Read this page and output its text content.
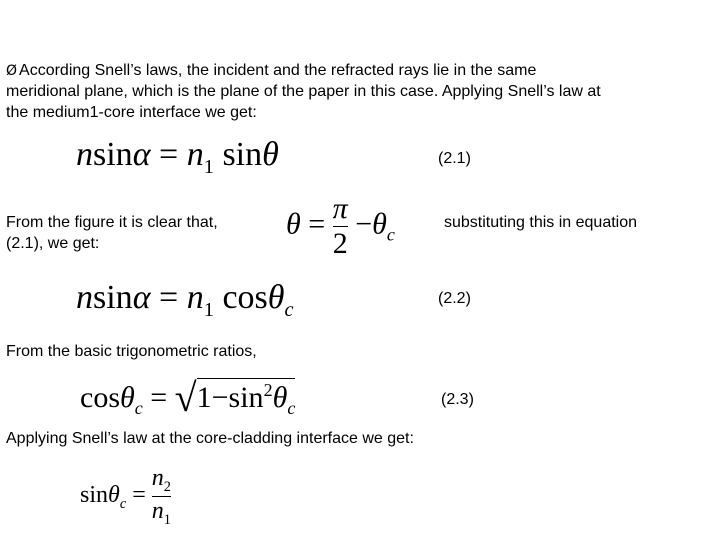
Ø According Snell’s laws, the incident and the refracted rays lie in the same
meridional plane, which is the plane of the paper in this case. Applying Snell’s law at
the medium1-core interface we get:
$nsin\alpha = n_1$ sinθ	(2.1)
From the figure it is clear that,
(2.1), we get:
$\theta = \frac{\pi}{2} -\theta_c$
substituting this in equation
$nsin\alpha = n_1$ cosθ$_c$
(2.2)
From the basic trigonometric ratios,
$\cos\theta_c = √1-\sin^2\theta_c$	(2.3)
Applying Snell’s law at the core-cladding interface we get:
$\sin\theta_c = \frac{n_2}{n_1}$
